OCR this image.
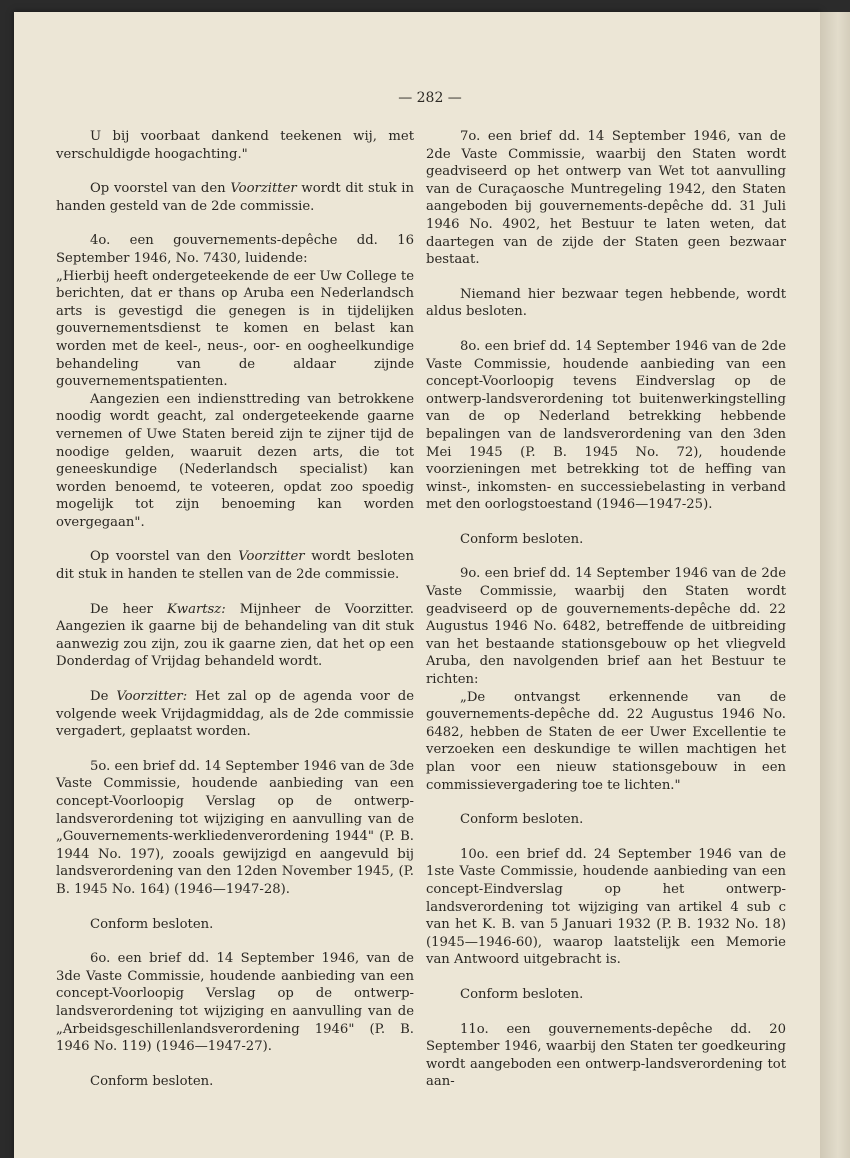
— 282 —

U bij voorbaat dankend teekenen wij, met verschuldigde hoogachting."

Op voorstel van den Voorzitter wordt dit stuk in handen gesteld van de 2de commissie.

4o. een gouvernements-depêche dd. 16 September 1946, No. 7430, luidende:

„Hierbij heeft ondergeteekende de eer Uw College te berichten, dat er thans op Aruba een Nederlandsch arts is gevestigd die genegen is in tijdelijken gouvernementsdienst te komen en belast kan worden met de keel-, neus-, oor- en oogheelkundige behandeling van de aldaar zijnde gouvernementspatienten.

Aangezien een indiensttreding van betrokkene noodig wordt geacht, zal ondergeteekende gaarne vernemen of Uwe Staten bereid zijn te zijner tijd de noodige gelden, waaruit dezen arts, die tot geneeskundige (Nederlandsch specialist) kan worden benoemd, te voteeren, opdat zoo spoedig mogelijk tot zijn benoeming kan worden overgegaan".

Op voorstel van den Voorzitter wordt besloten dit stuk in handen te stellen van de 2de commissie.

De heer Kwartsz: Mijnheer de Voorzitter. Aangezien ik gaarne bij de behandeling van dit stuk aanwezig zou zijn, zou ik gaarne zien, dat het op een Donderdag of Vrijdag behandeld wordt.

De Voorzitter: Het zal op de agenda voor de volgende week Vrijdagmiddag, als de 2de commissie vergadert, geplaatst worden.

5o. een brief dd. 14 September 1946 van de 3de Vaste Commissie, houdende aanbieding van een concept-Voorloopig Verslag op de ontwerp-landsverordening tot wijziging en aanvulling van de „Gouvernements-werkliedenverordening 1944" (P. B. 1944 No. 197), zooals gewijzigd en aangevuld bij landsverordening van den 12den November 1945, (P. B. 1945 No. 164) (1946—1947-28).

Conform besloten.

6o. een brief dd. 14 September 1946, van de 3de Vaste Commissie, houdende aanbieding van een concept-Voorloopig Verslag op de ontwerp-landsverordening tot wijziging en aanvulling van de „Arbeidsgeschillenlandsverordening 1946" (P. B. 1946 No. 119) (1946—1947-27).

Conform besloten.

7o. een brief dd. 14 September 1946, van de 2de Vaste Commissie, waarbij den Staten wordt geadviseerd op het ontwerp van Wet tot aanvulling van de Curaçaosche Muntregeling 1942, den Staten aangeboden bij gouvernements-depêche dd. 31 Juli 1946 No. 4902, het Bestuur te laten weten, dat daartegen van de zijde der Staten geen bezwaar bestaat.

Niemand hier bezwaar tegen hebbende, wordt aldus besloten.

8o. een brief dd. 14 September 1946 van de 2de Vaste Commissie, houdende aanbieding van een concept-Voorloopig tevens Eindverslag op de ontwerp-landsverordening tot buitenwerkingstelling van de op Nederland betrekking hebbende bepalingen van de landsverordening van den 3den Mei 1945 (P. B. 1945 No. 72), houdende voorzieningen met betrekking tot de heffing van winst-, inkomsten- en successiebelasting in verband met den oorlogstoestand (1946—1947-25).

Conform besloten.

9o. een brief dd. 14 September 1946 van de 2de Vaste Commissie, waarbij den Staten wordt geadviseerd op de gouvernements-depêche dd. 22 Augustus 1946 No. 6482, betreffende de uitbreiding van het bestaande stationsgebouw op het vliegveld Aruba, den navolgenden brief aan het Bestuur te richten:

„De ontvangst erkennende van de gouvernements-depêche dd. 22 Augustus 1946 No. 6482, hebben de Staten de eer Uwer Excellentie te verzoeken een deskundige te willen machtigen het plan voor een nieuw stationsgebouw in een commissievergadering toe te lichten."

Conform besloten.

10o. een brief dd. 24 September 1946 van de 1ste Vaste Commissie, houdende aanbieding van een concept-Eindverslag op het ontwerp-landsverordening tot wijziging van artikel 4 sub c van het K. B. van 5 Januari 1932 (P. B. 1932 No. 18) (1945—1946-60), waarop laatstelijk een Memorie van Antwoord uitgebracht is.

Conform besloten.

11o. een gouvernements-depêche dd. 20 September 1946, waarbij den Staten ter goedkeuring wordt aangeboden een ontwerp-landsverordening tot aan-
